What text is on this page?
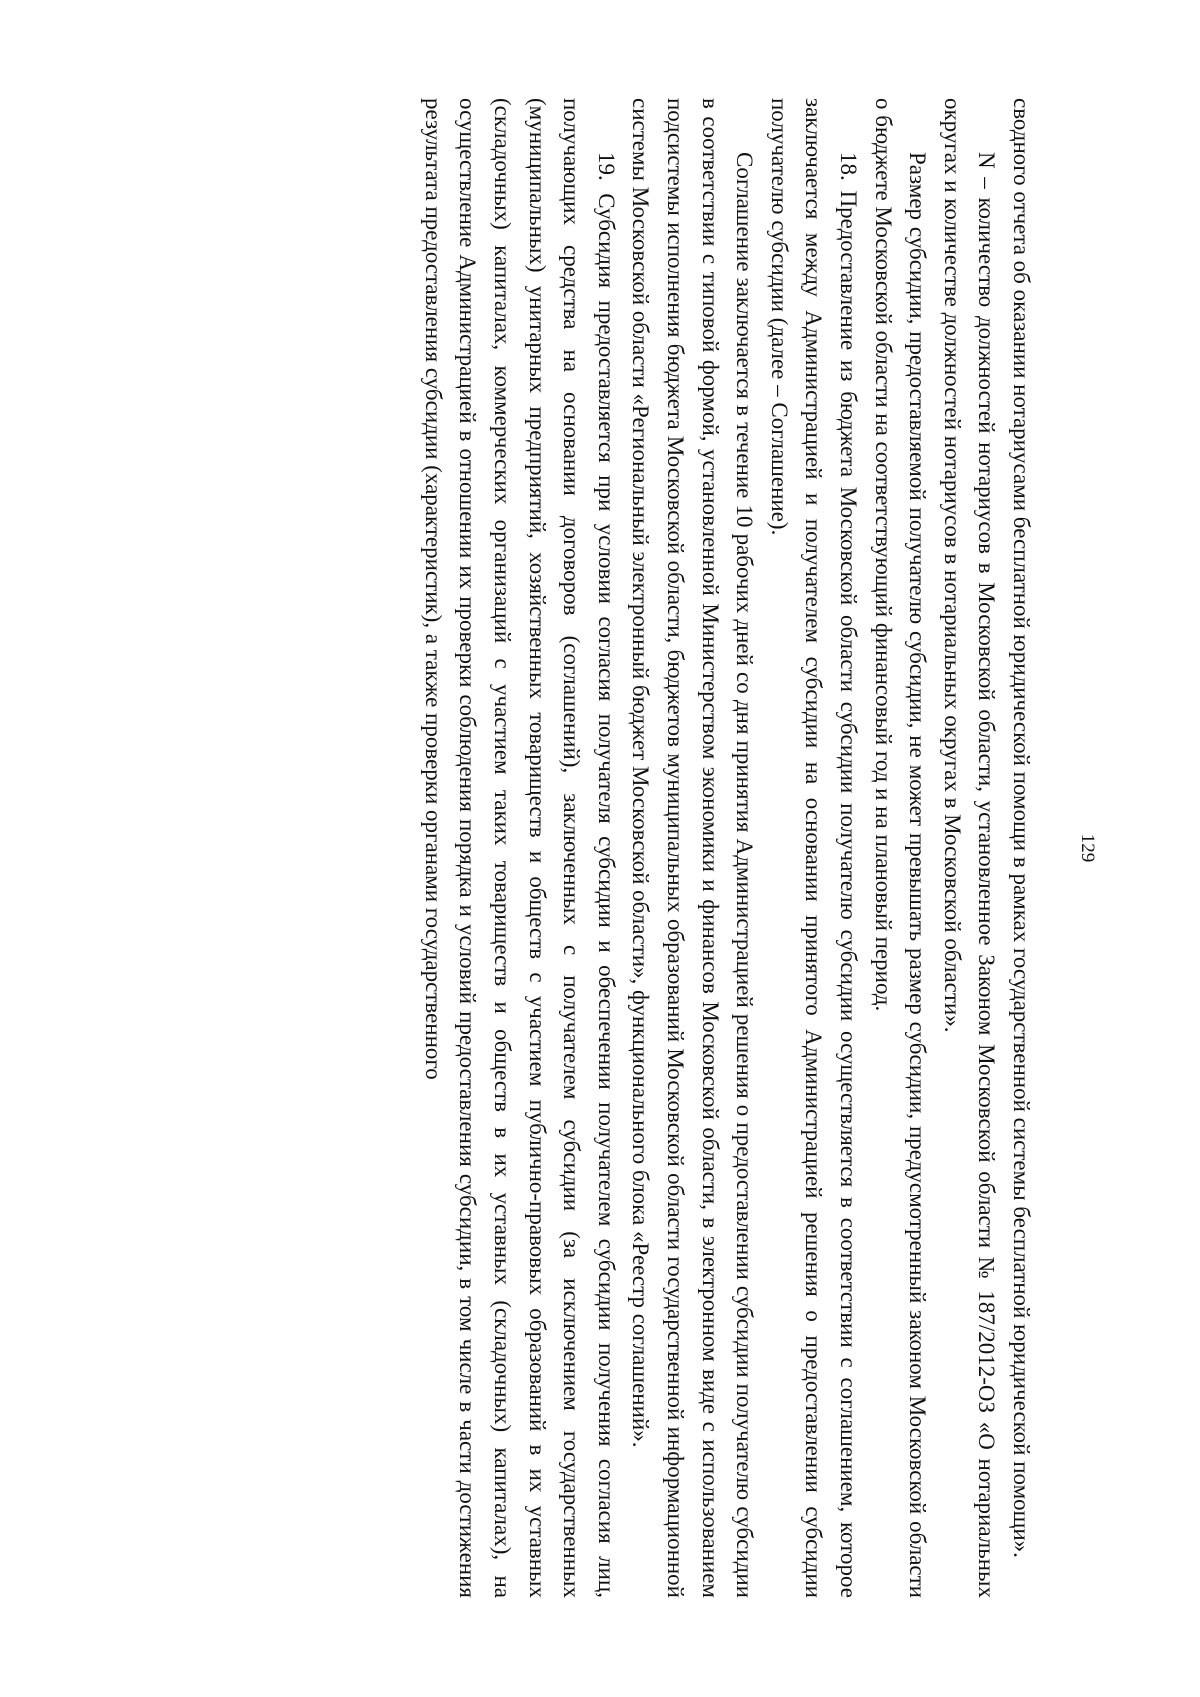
129

сводного отчета об оказании нотариусами бесплатной юридической помощи в рамках государственной системы бесплатной юридической помощи».

N – количество должностей нотариусов в Московской области, установленное Законом Московской области № 187/2012-ОЗ «О нотариальных округах и количестве должностей нотариусов в нотариальных округах в Московской области».

Размер субсидии, предоставляемой получателю субсидии, не может превышать размер субсидии, предусмотренный законом Московской области о бюджете Московской области на соответствующий финансовый год и на плановый период.

18. Предоставление из бюджета Московской области субсидии получателю субсидии осуществляется в соответствии с соглашением, которое заключается между Администрацией и получателем субсидии на основании принятого Администрацией решения о предоставлении субсидии получателю субсидии (далее – Соглашение).

Соглашение заключается в течение 10 рабочих дней со дня принятия Администрацией решения о предоставлении субсидии получателю субсидии в соответствии с типовой формой, установленной Министерством экономики и финансов Московской области, в электронном виде с использованием подсистемы исполнения бюджета Московской области, бюджетов муниципальных образований Московской области государственной информационной системы Московской области «Региональный электронный бюджет Московской области», функционального блока «Реестр соглашений».

19. Субсидия предоставляется при условии согласия получателя субсидии и обеспечении получателем субсидии получения согласия лиц, получающих средства на основании договоров (соглашений), заключенных с получателем субсидии (за исключением государственных (муниципальных) унитарных предприятий, хозяйственных товариществ и обществ с участием публично-правовых образований в их уставных (складочных) капиталах, коммерческих организаций с участием таких товариществ и обществ в их уставных (складочных) капиталах), на осуществление Администрацией в отношении их проверки соблюдения порядка и условий предоставления субсидии, в том числе в части достижения результата предоставления субсидии (характеристик), а также проверки органами государственного
